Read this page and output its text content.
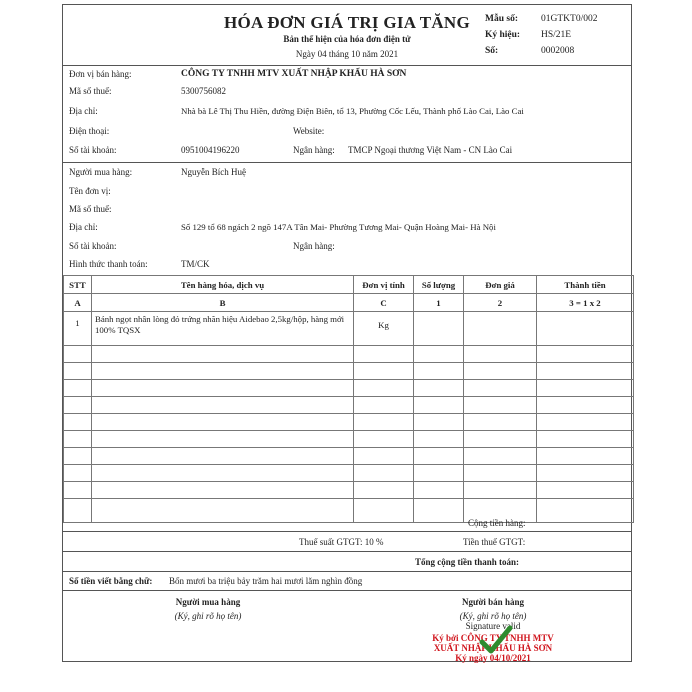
HÓA ĐƠN GIÁ TRỊ GIA TĂNG
Bản thể hiện của hóa đơn điện tử
Ngày 04 tháng 10 năm 2021
Mẫu số: 01GTKT0/002
Ký hiệu: HS/21E
Số:	0002008
Đơn vị bán hàng:	CÔNG TY TNHH MTV XUẤT NHẬP KHẨU HÀ SƠN
Mã số thuế:	5300756082
Địa chỉ:	Nhà bà Lê Thị Thu Hiền, đường Điện Biên, tổ 13, Phường Cốc Lếu, Thành phố Lào Cai, Lào Cai
Điện thoại:	Website:
Số tài khoản:	0951004196220	Ngân hàng: TMCP Ngoại thương Việt Nam - CN Lào Cai
Người mua hàng:	Nguyễn Bích Huệ
Tên đơn vị:
Mã số thuế:
Địa chỉ:	Số 129 tổ 68 ngách 2 ngõ 147A Tân Mai- Phường Tương Mai- Quận Hoàng Mai- Hà Nội
Số tài khoản:	Ngân hàng:
Hình thức thanh toán:	TM/CK
STT	Tên hàng hóa, dịch vụ	Đơn vị tính	Số lượng	Đơn giá	Thành tiền
A	B	C	1	2	3 = 1 x 2
1	Bánh ngọt nhân lòng đỏ trứng nhãn hiệu Aidebao 2,5kg/hộp, hàng mới 100% TQSX	Kg			

Cộng tiền hàng:
Thuế suất GTGT: 10 %	Tiền thuế GTGT:
Tổng cộng tiền thanh toán:
Số tiền viết bằng chữ: Bốn mươi ba triệu bảy trăm hai mươi lăm nghìn đồng
Người mua hàng
(Ký, ghi rõ họ tên)
Người bán hàng
(Ký, ghi rõ họ tên)
Signature valid
Ký bởi CÔNG TY TNHH MTV
XUẤT NHẬP KHẨU HÀ SƠN
Ký ngày 04/10/2021
